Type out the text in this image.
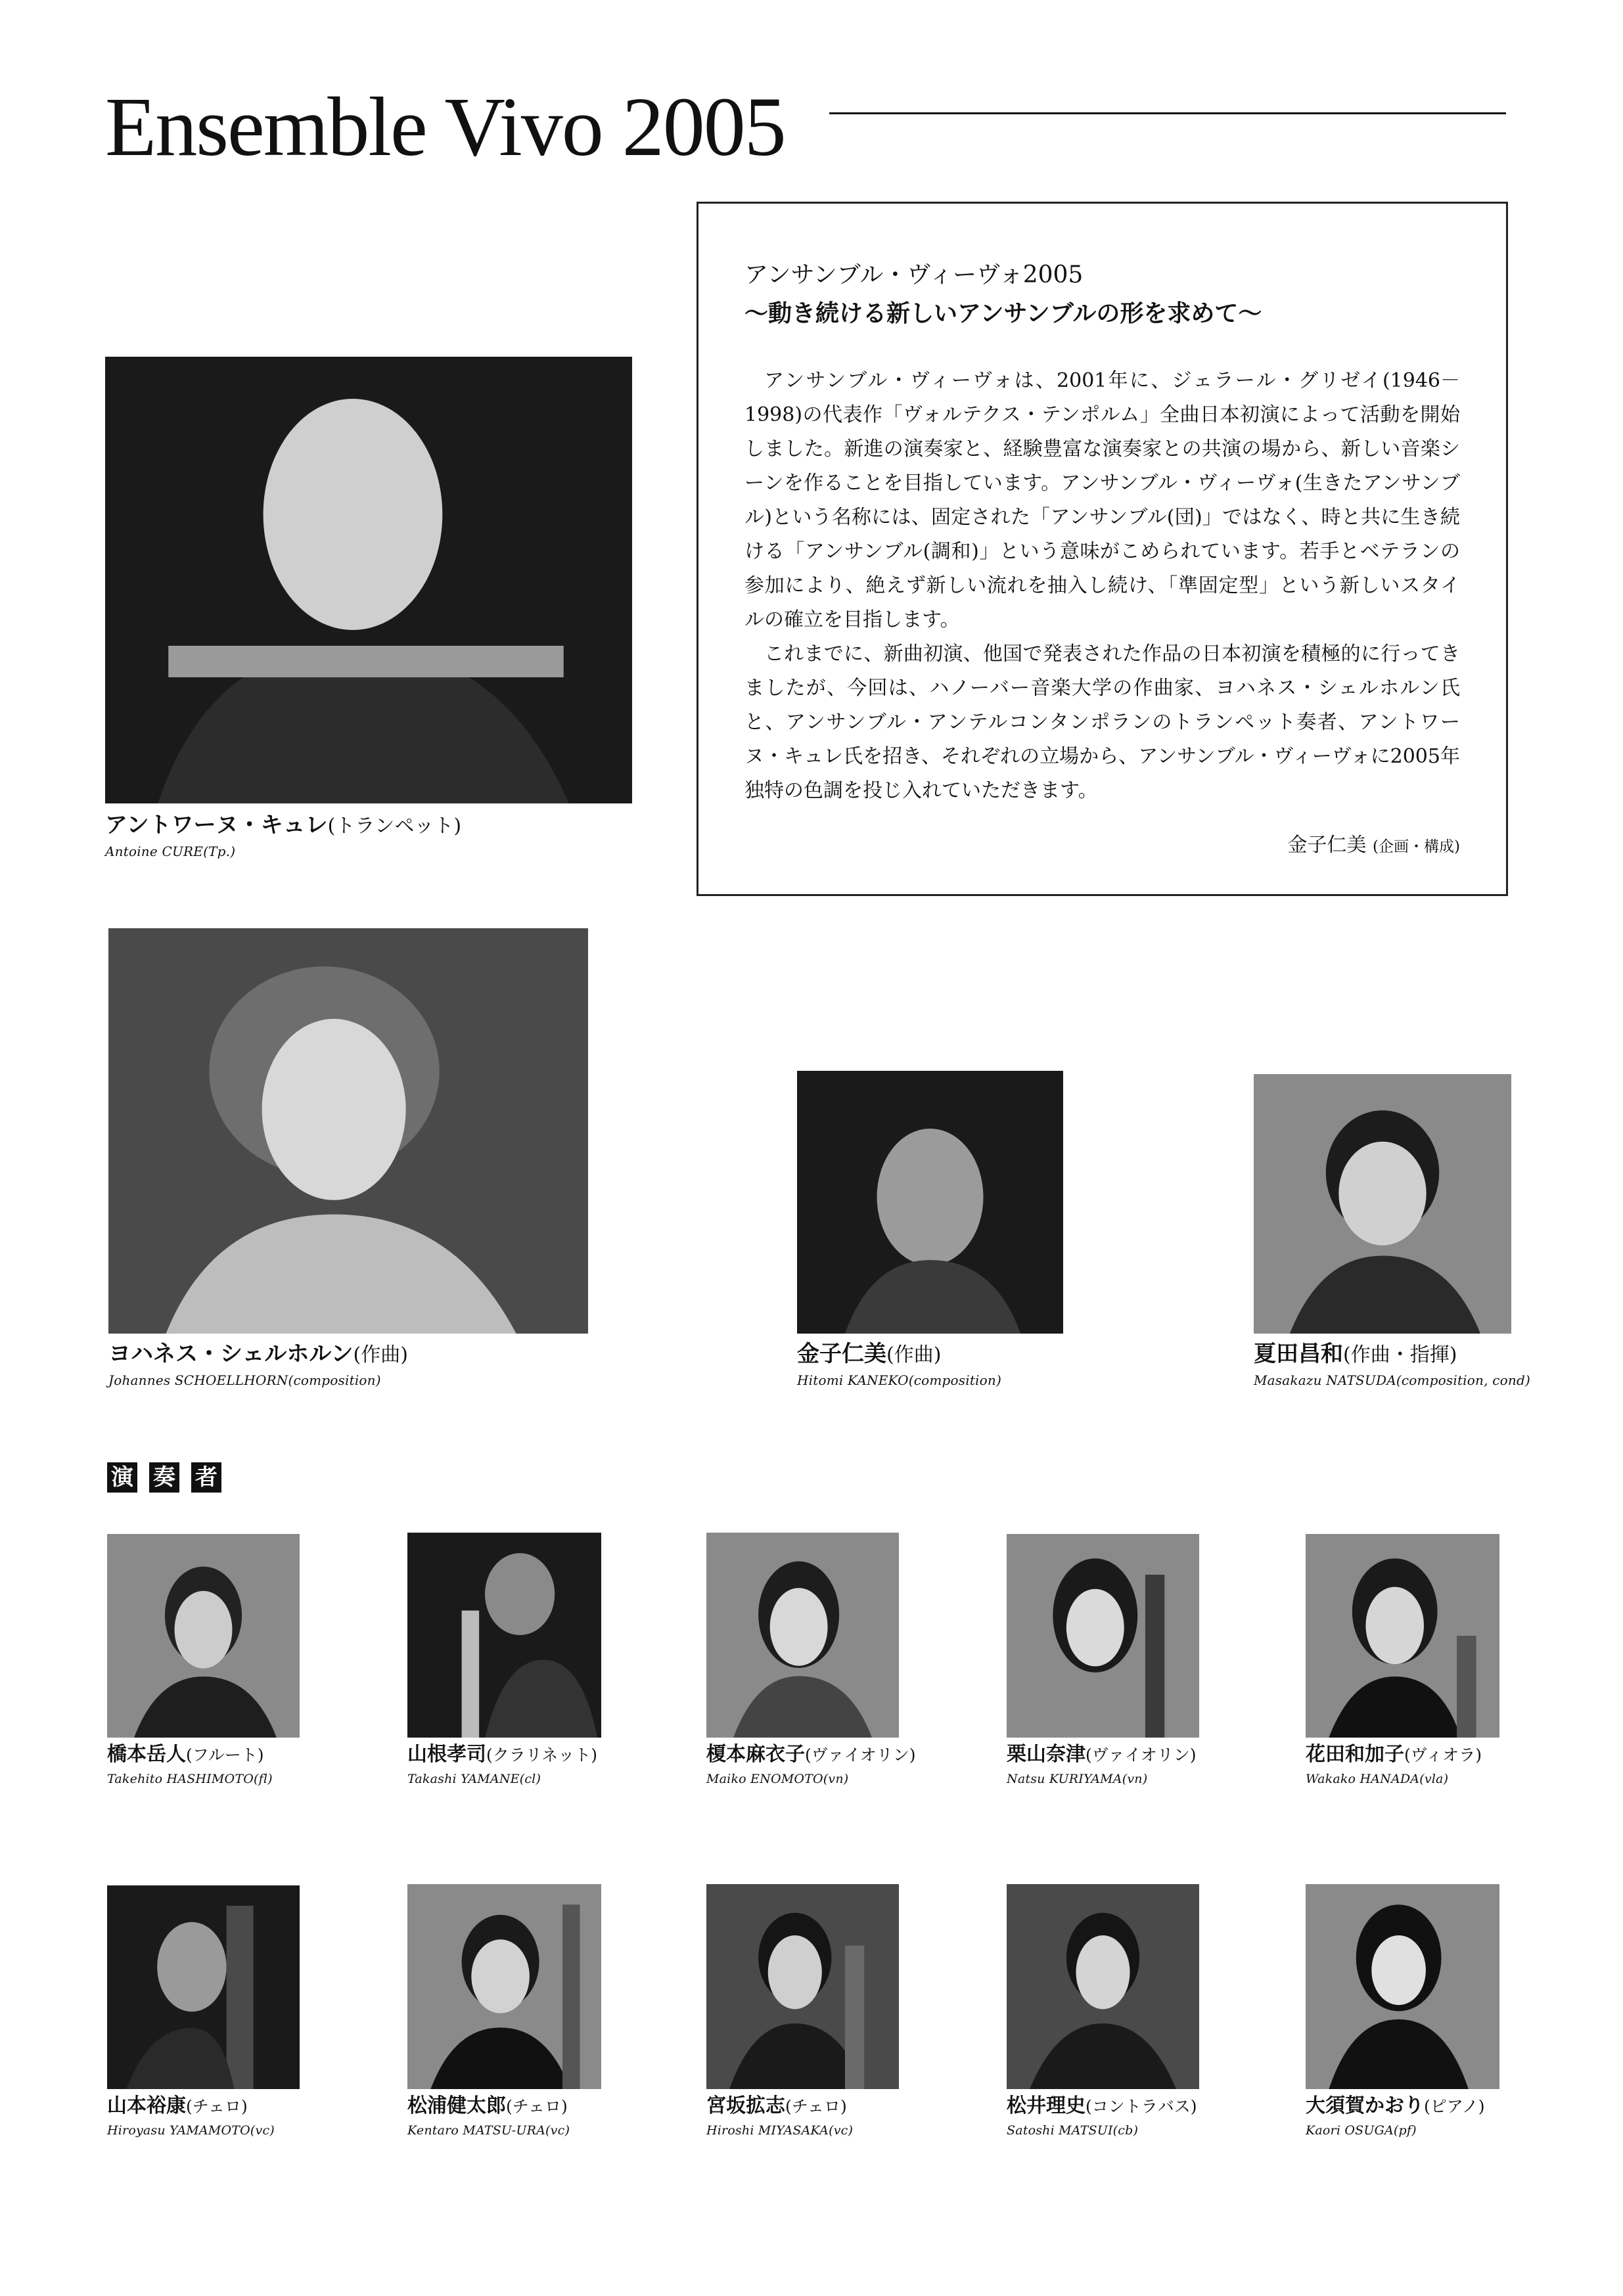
Ensemble Vivo 2005
アンサンブル・ヴィーヴォ2005
～動き続ける新しいアンサンブルの形を求めて～

アンサンブル・ヴィーヴォは、2001年に、ジェラール・グリゼイ(1946－1998)の代表作「ヴォルテクス・テンポルム」全曲日本初演によって活動を開始しました。新進の演奏家と、経験豊富な演奏家との共演の場から、新しい音楽シーンを作ることを目指しています。アンサンブル・ヴィーヴォ(生きたアンサンブル)という名称には、固定された「アンサンブル(団)」ではなく、時と共に生き続ける「アンサンブル(調和)」という意味がこめられています。若手とベテランの参加により、絶えず新しい流れを抽入し続け、「準固定型」という新しいスタイルの確立を目指します。

これまでに、新曲初演、他国で発表された作品の日本初演を積極的に行ってきましたが、今回は、ハノーバー音楽大学の作曲家、ヨハネス・シェルホルン氏と、アンサンブル・アンテルコンタンポランのトランペット奏者、アントワーヌ・キュレ氏を招き、それぞれの立場から、アンサンブル・ヴィーヴォに2005年独特の色調を投じ入れていただきます。

金子仁美 (企画・構成)
アントワーヌ・キュレ(トランペット)
Antoine CURE(Tp.)
ヨハネス・シェルホルン(作曲)
Johannes SCHOELLHORN(composition)
金子仁美(作曲)
Hitomi KANEKO(composition)
夏田昌和(作曲・指揮)
Masakazu NATSUDA(composition, cond)
演 奏 者
橋本岳人(フルート)
Takehito HASHIMOTO(fl)
山根孝司(クラリネット)
Takashi YAMANE(cl)
榎本麻衣子(ヴァイオリン)
Maiko ENOMOTO(vn)
栗山奈津(ヴァイオリン)
Natsu KURIYAMA(vn)
花田和加子(ヴィオラ)
Wakako HANADA(vla)
山本裕康(チェロ)
Hiroyasu YAMAMOTO(vc)
松浦健太郎(チェロ)
Kentaro MATSU-URA(vc)
宮坂拡志(チェロ)
Hiroshi MIYASAKA(vc)
松井理史(コントラバス)
Satoshi MATSUI(cb)
大須賀かおり(ピアノ)
Kaori OSUGA(pf)
